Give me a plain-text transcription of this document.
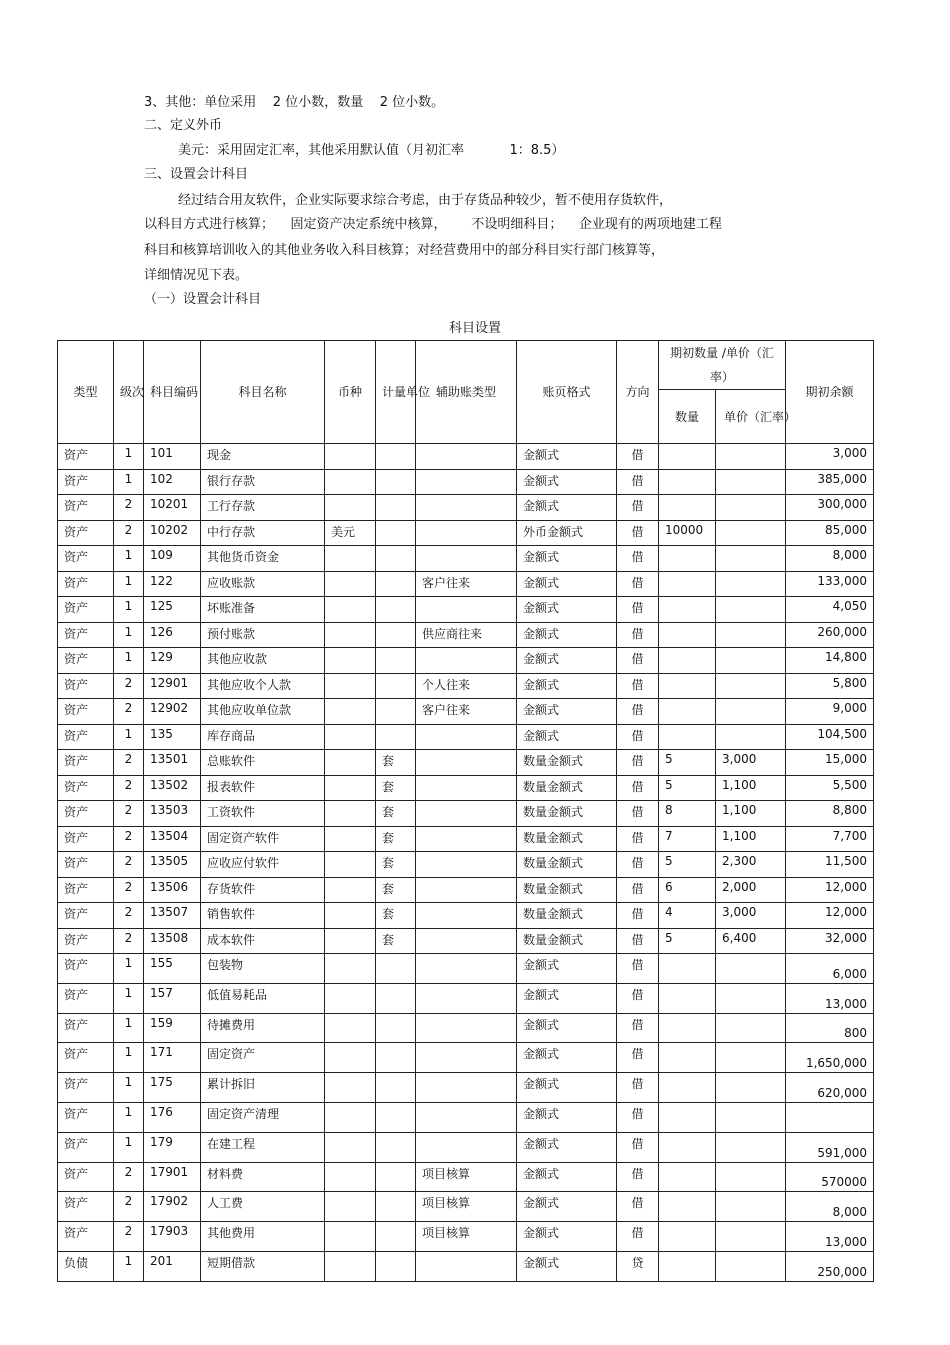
3、其他：单位采用    2 位小数，数量    2 位小数。
二、定义外币
美元：采用固定汇率，其他采用默认值（月初汇率           1：8.5）
三、设置会计科目
经过结合用友软件，企业实际要求综合考虑，由于存货品种较少，暂不使用存货软件，
以科目方式进行核算；    固定资产决定系统中核算，      不设明细科目；    企业现有的两项地建工程
科目和核算培训收入的其他业务收入科目核算；对经营费用中的部分科目实行部门核算等，
详细情况见下表。
（一）设置会计科目
科目设置
类型	级次	科目编码	科目名称	币种	计量单位	辅助账类型	账页格式	方向	期初数量 /单价（汇率）		期初余额
									数量	单价（汇率）	
资产	1	101	现金				金额式	借			3,000
资产	1	102	银行存款				金额式	借			385,000
资产	2	10201	工行存款				金额式	借			300,000
资产	2	10202	中行存款	美元			外币金额式	借	10000		85,000
资产	1	109	其他货币资金				金额式	借			8,000
资产	1	122	应收账款			客户往来	金额式	借			133,000
资产	1	125	坏账准备				金额式	借			4,050
资产	1	126	预付账款			供应商往来	金额式	借			260,000
资产	1	129	其他应收款				金额式	借			14,800
资产	2	12901	其他应收个人款			个人往来	金额式	借			5,800
资产	2	12902	其他应收单位款			客户往来	金额式	借			9,000
资产	1	135	库存商品				金额式	借			104,500
资产	2	13501	总账软件		套		数量金额式	借	5	3,000	15,000
资产	2	13502	报表软件		套		数量金额式	借	5	1,100	5,500
资产	2	13503	工资软件		套		数量金额式	借	8	1,100	8,800
资产	2	13504	固定资产软件		套		数量金额式	借	7	1,100	7,700
资产	2	13505	应收应付软件		套		数量金额式	借	5	2,300	11,500
资产	2	13506	存货软件		套		数量金额式	借	6	2,000	12,000
资产	2	13507	销售软件		套		数量金额式	借	4	3,000	12,000
资产	2	13508	成本软件		套		数量金额式	借	5	6,400	32,000
资产	1	155	包装物				金额式	借			6,000
资产	1	157	低值易耗品				金额式	借			13,000
资产	1	159	待摊费用				金额式	借			800
资产	1	171	固定资产				金额式	借			1,650,000
资产	1	175	累计拆旧				金额式	借			620,000
资产	1	176	固定资产清理				金额式	借			
资产	1	179	在建工程				金额式	借			591,000
资产	2	17901	材料费			项目核算	金额式	借			570000
资产	2	17902	人工费			项目核算	金额式	借			8,000
资产	2	17903	其他费用			项目核算	金额式	借			13,000
负债	1	201	短期借款				金额式	贷			250,000
